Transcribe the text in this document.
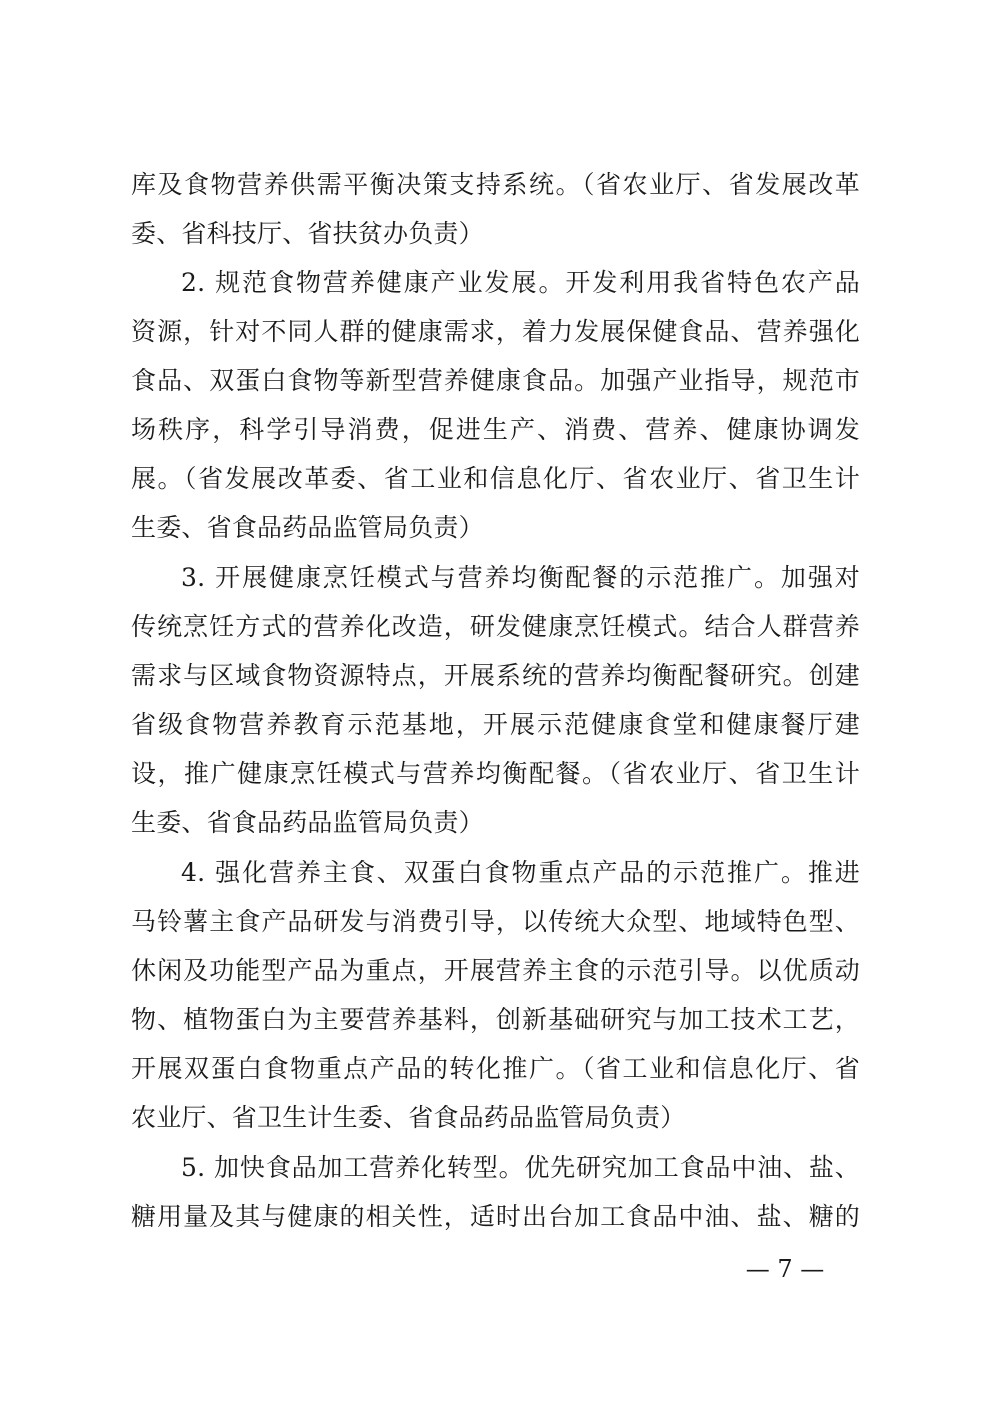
库及食物营养供需平衡决策支持系统。（省农业厅、省发展改革
委、省科技厅、省扶贫办负责）
2. 规范食物营养健康产业发展。开发利用我省特色农产品
资源，针对不同人群的健康需求，着力发展保健食品、营养强化
食品、双蛋白食物等新型营养健康食品。加强产业指导，规范市
场秩序，科学引导消费，促进生产、消费、营养、健康协调发
展。（省发展改革委、省工业和信息化厅、省农业厅、省卫生计
生委、省食品药品监管局负责）
3. 开展健康烹饪模式与营养均衡配餐的示范推广。加强对
传统烹饪方式的营养化改造，研发健康烹饪模式。结合人群营养
需求与区域食物资源特点，开展系统的营养均衡配餐研究。创建
省级食物营养教育示范基地，开展示范健康食堂和健康餐厅建
设，推广健康烹饪模式与营养均衡配餐。（省农业厅、省卫生计
生委、省食品药品监管局负责）
4. 强化营养主食、双蛋白食物重点产品的示范推广。推进
马铃薯主食产品研发与消费引导，以传统大众型、地域特色型、
休闲及功能型产品为重点，开展营养主食的示范引导。以优质动
物、植物蛋白为主要营养基料，创新基础研究与加工技术工艺，
开展双蛋白食物重点产品的转化推广。（省工业和信息化厅、省
农业厅、省卫生计生委、省食品药品监管局负责）
5. 加快食品加工营养化转型。优先研究加工食品中油、盐、
糖用量及其与健康的相关性，适时出台加工食品中油、盐、糖的
— 7 —
